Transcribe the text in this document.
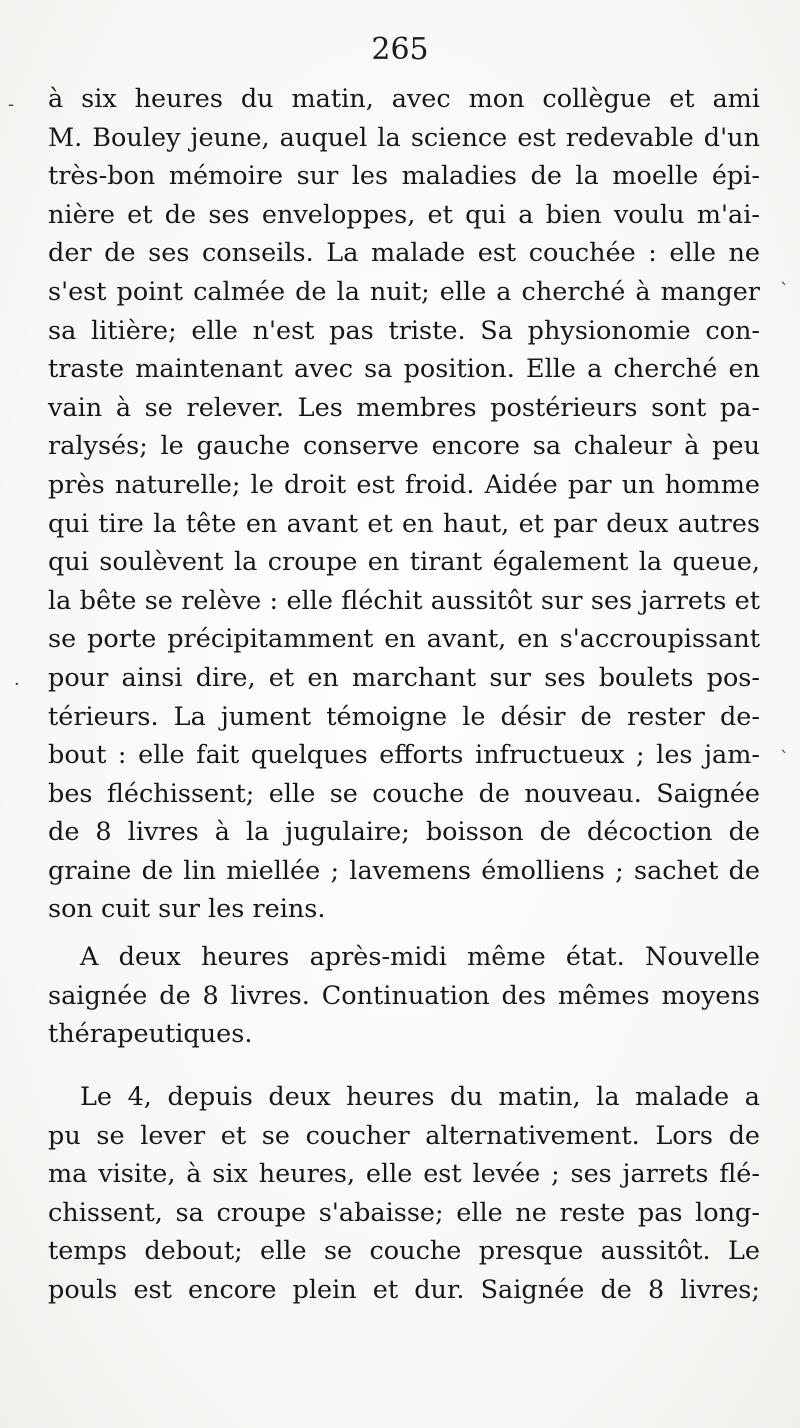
265
à six heures du matin, avec mon collègue et ami
M. Bouley jeune, auquel la science est redevable d'un
très-bon mémoire sur les maladies de la moelle épi-
nière et de ses enveloppes, et qui a bien voulu m'ai-
der de ses conseils. La malade est couchée : elle ne
s'est point calmée de la nuit; elle a cherché à manger
sa litière; elle n'est pas triste. Sa physionomie con-
traste maintenant avec sa position. Elle a cherché en
vain à se relever. Les membres postérieurs sont pa-
ralysés; le gauche conserve encore sa chaleur à peu
près naturelle; le droit est froid. Aidée par un homme
qui tire la tête en avant et en haut, et par deux autres
qui soulèvent la croupe en tirant également la queue,
la bête se relève : elle fléchit aussitôt sur ses jarrets et
se porte précipitamment en avant, en s'accroupissant
pour ainsi dire, et en marchant sur ses boulets pos-
térieurs. La jument témoigne le désir de rester de-
bout : elle fait quelques efforts infructueux ; les jam-
bes fléchissent; elle se couche de nouveau. Saignée
de 8 livres à la jugulaire; boisson de décoction de
graine de lin miellée ; lavemens émolliens ; sachet de
son cuit sur les reins.
A deux heures après-midi même état. Nouvelle
saignée de 8 livres. Continuation des mêmes moyens
thérapeutiques.
Le 4, depuis deux heures du matin, la malade a
pu se lever et se coucher alternativement. Lors de
ma visite, à six heures, elle est levée ; ses jarrets flé-
chissent, sa croupe s'abaisse; elle ne reste pas long-
temps debout; elle se couche presque aussitôt. Le
pouls est encore plein et dur. Saignée de 8 livres;
-
`
`
·
